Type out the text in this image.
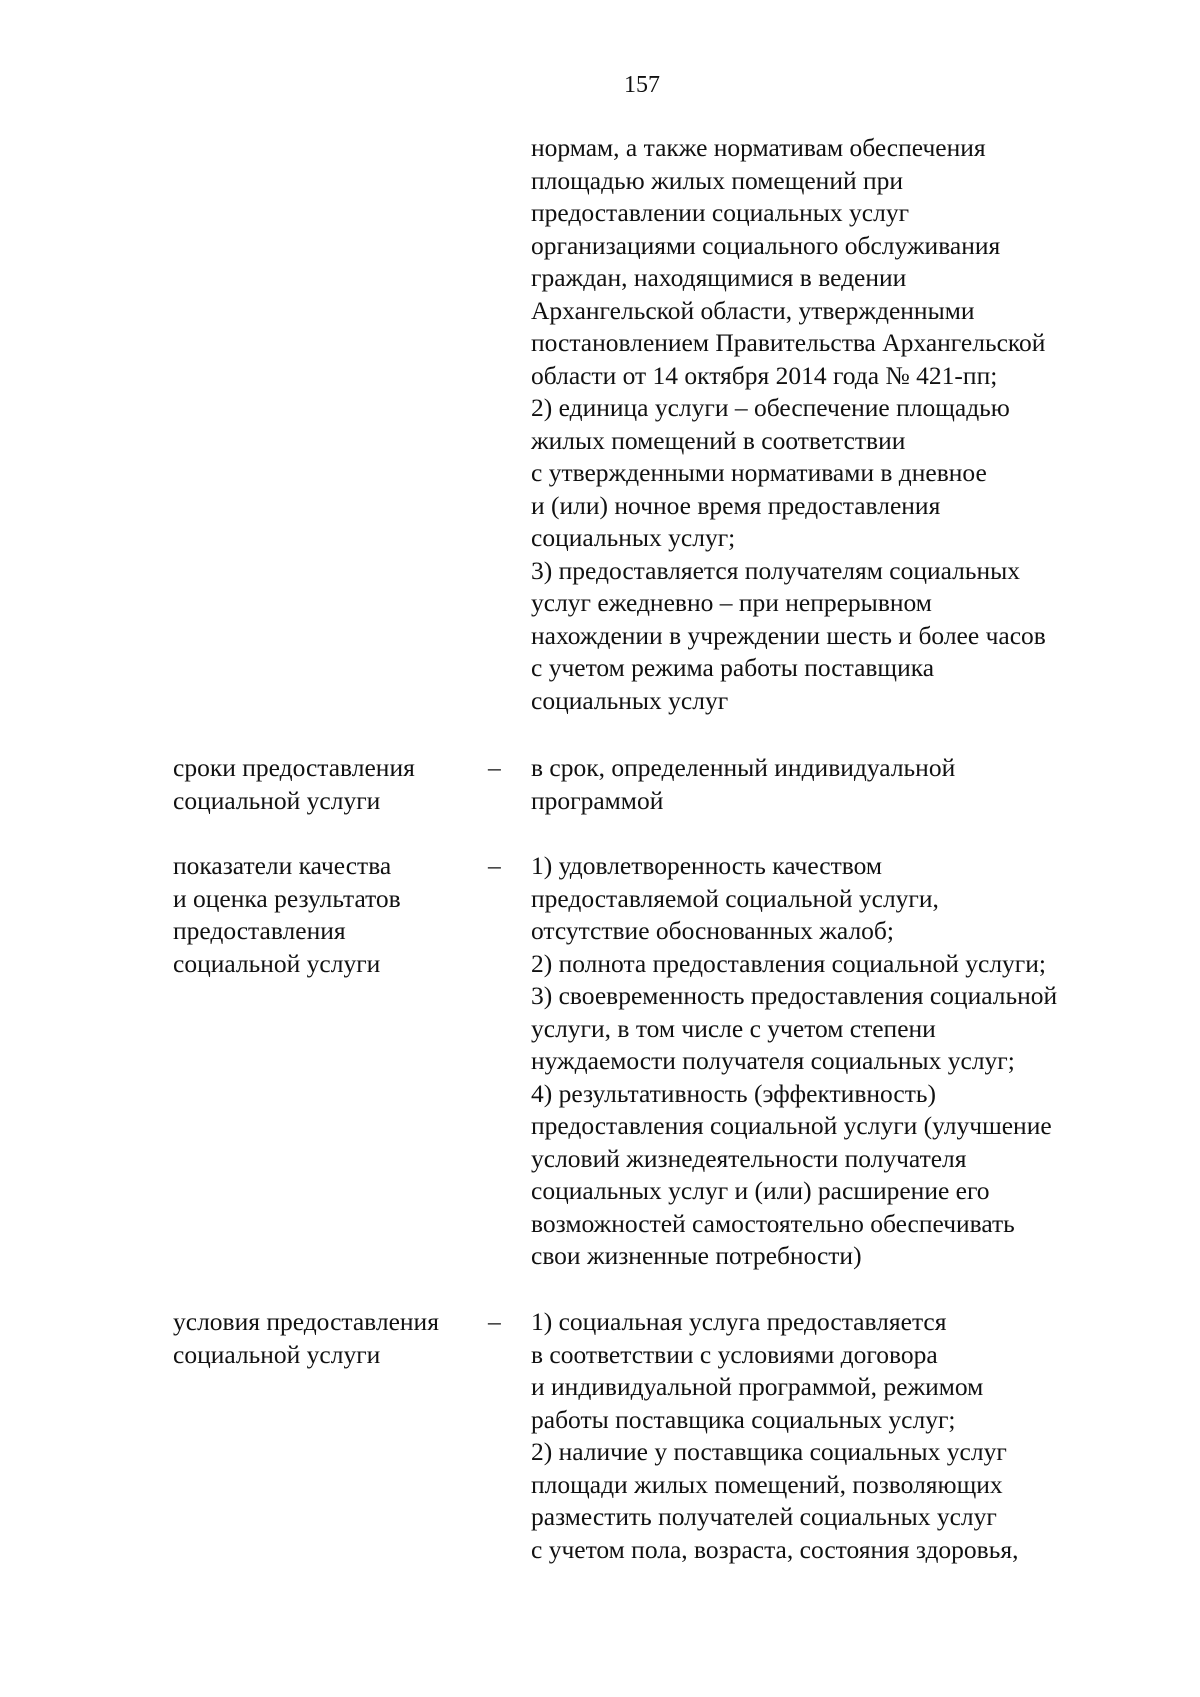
157
нормам, а также нормативам обеспечения
площадью жилых помещений при
предоставлении социальных услуг
организациями социального обслуживания
граждан, находящимися в ведении
Архангельской области, утвержденными
постановлением Правительства Архангельской
области от 14 октября 2014 года № 421-пп;
2) единица услуги – обеспечение площадью
жилых помещений в соответствии
с утвержденными нормативами в дневное
и (или) ночное время предоставления
социальных услуг;
3) предоставляется получателям социальных
услуг ежедневно – при непрерывном
нахождении в учреждении шесть и более часов
с учетом режима работы поставщика
социальных услуг
сроки предоставления
социальной услуги
– в срок, определенный индивидуальной
программой
показатели качества
и оценка результатов
предоставления
социальной услуги
– 1) удовлетворенность качеством
предоставляемой социальной услуги,
отсутствие обоснованных жалоб;
2) полнота предоставления социальной услуги;
3) своевременность предоставления социальной
услуги, в том числе с учетом степени
нуждаемости получателя социальных услуг;
4) результативность (эффективность)
предоставления социальной услуги (улучшение
условий жизнедеятельности получателя
социальных услуг и (или) расширение его
возможностей самостоятельно обеспечивать
свои жизненные потребности)
условия предоставления
социальной услуги
– 1) социальная услуга предоставляется
в соответствии с условиями договора
и индивидуальной программой, режимом
работы поставщика социальных услуг;
2) наличие у поставщика социальных услуг
площади жилых помещений, позволяющих
разместить получателей социальных услуг
с учетом пола, возраста, состояния здоровья,
